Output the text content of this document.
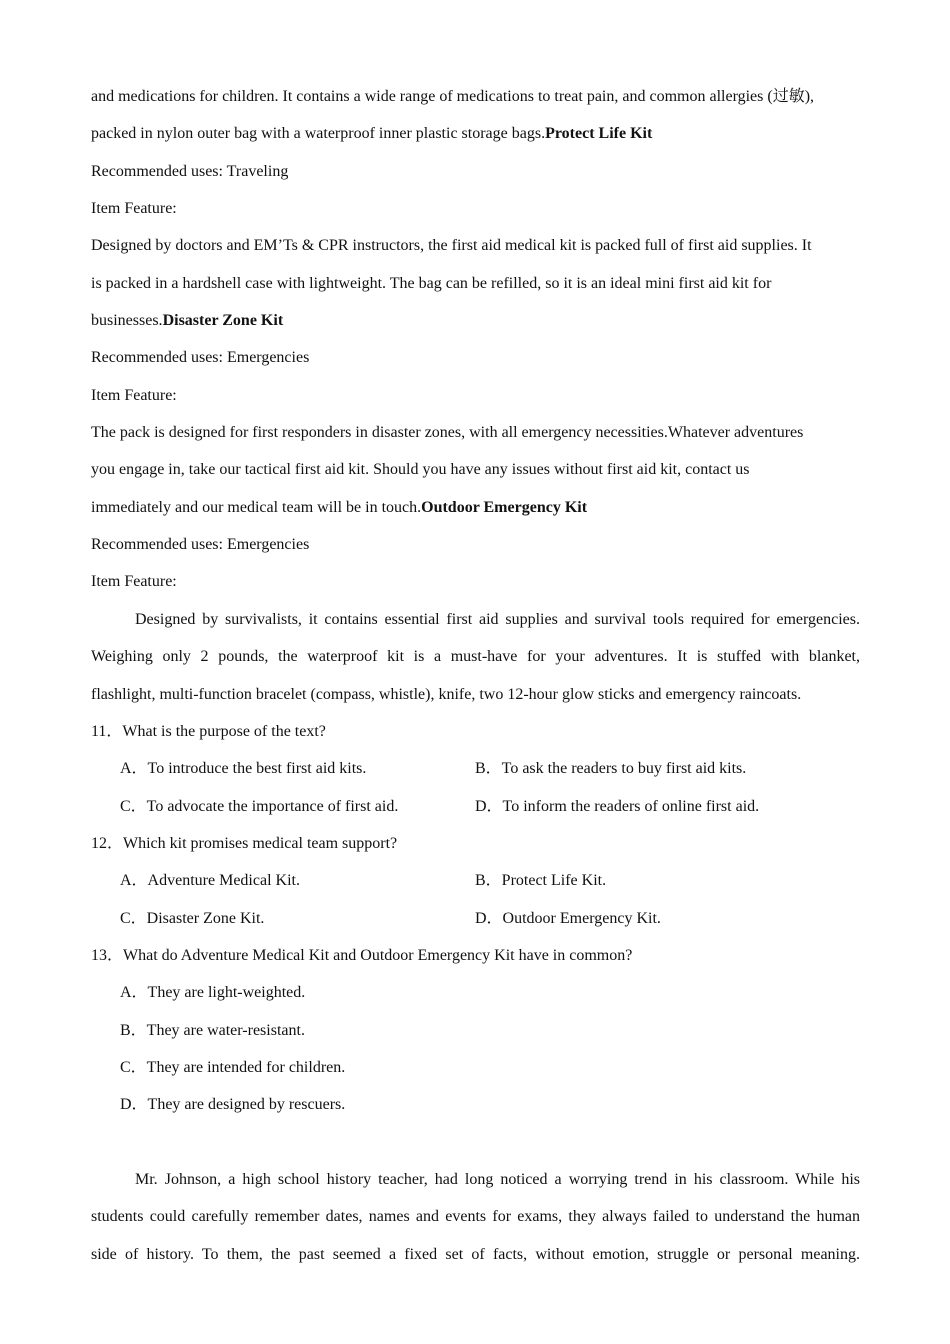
and medications for children. It contains a wide range of medications to treat pain, and common allergies (过敏),
packed in nylon outer bag with a waterproof inner plastic storage bags.Protect Life Kit
Recommended uses: Traveling
Item Feature:
Designed by doctors and EM’Ts & CPR instructors, the first aid medical kit is packed full of first aid supplies. It
is packed in a hardshell case with lightweight. The bag can be refilled, so it is an ideal mini first aid kit for
businesses.Disaster Zone Kit
Recommended uses: Emergencies
Item Feature:
The pack is designed for first responders in disaster zones, with all emergency necessities.Whatever adventures
you engage in, take our tactical first aid kit. Should you have any issues without first aid kit, contact us
immediately and our medical team will be in touch.Outdoor Emergency Kit
Recommended uses: Emergencies
Item Feature:
Designed by survivalists, it contains essential first aid supplies and survival tools required for emergencies.
Weighing only 2 pounds, the waterproof kit is a must-have for your adventures. It is stuffed with blanket,
flashlight, multi-function bracelet (compass, whistle), knife, two 12-hour glow sticks and emergency raincoats.
11．What is the purpose of the text?
A．To introduce the best first aid kits.	B．To ask the readers to buy first aid kits.
C．To advocate the importance of first aid.	D．To inform the readers of online first aid.
12．Which kit promises medical team support?
A．Adventure Medical Kit.	B．Protect Life Kit.
C．Disaster Zone Kit.	D．Outdoor Emergency Kit.
13．What do Adventure Medical Kit and Outdoor Emergency Kit have in common?
A．They are light-weighted.
B．They are water-resistant.
C．They are intended for children.
D．They are designed by rescuers.
Mr. Johnson, a high school history teacher, had long noticed a worrying trend in his classroom. While his
students could carefully remember dates, names and events for exams, they always failed to understand the human
side of history. To them, the past seemed a fixed set of facts, without emotion, struggle or personal meaning.
